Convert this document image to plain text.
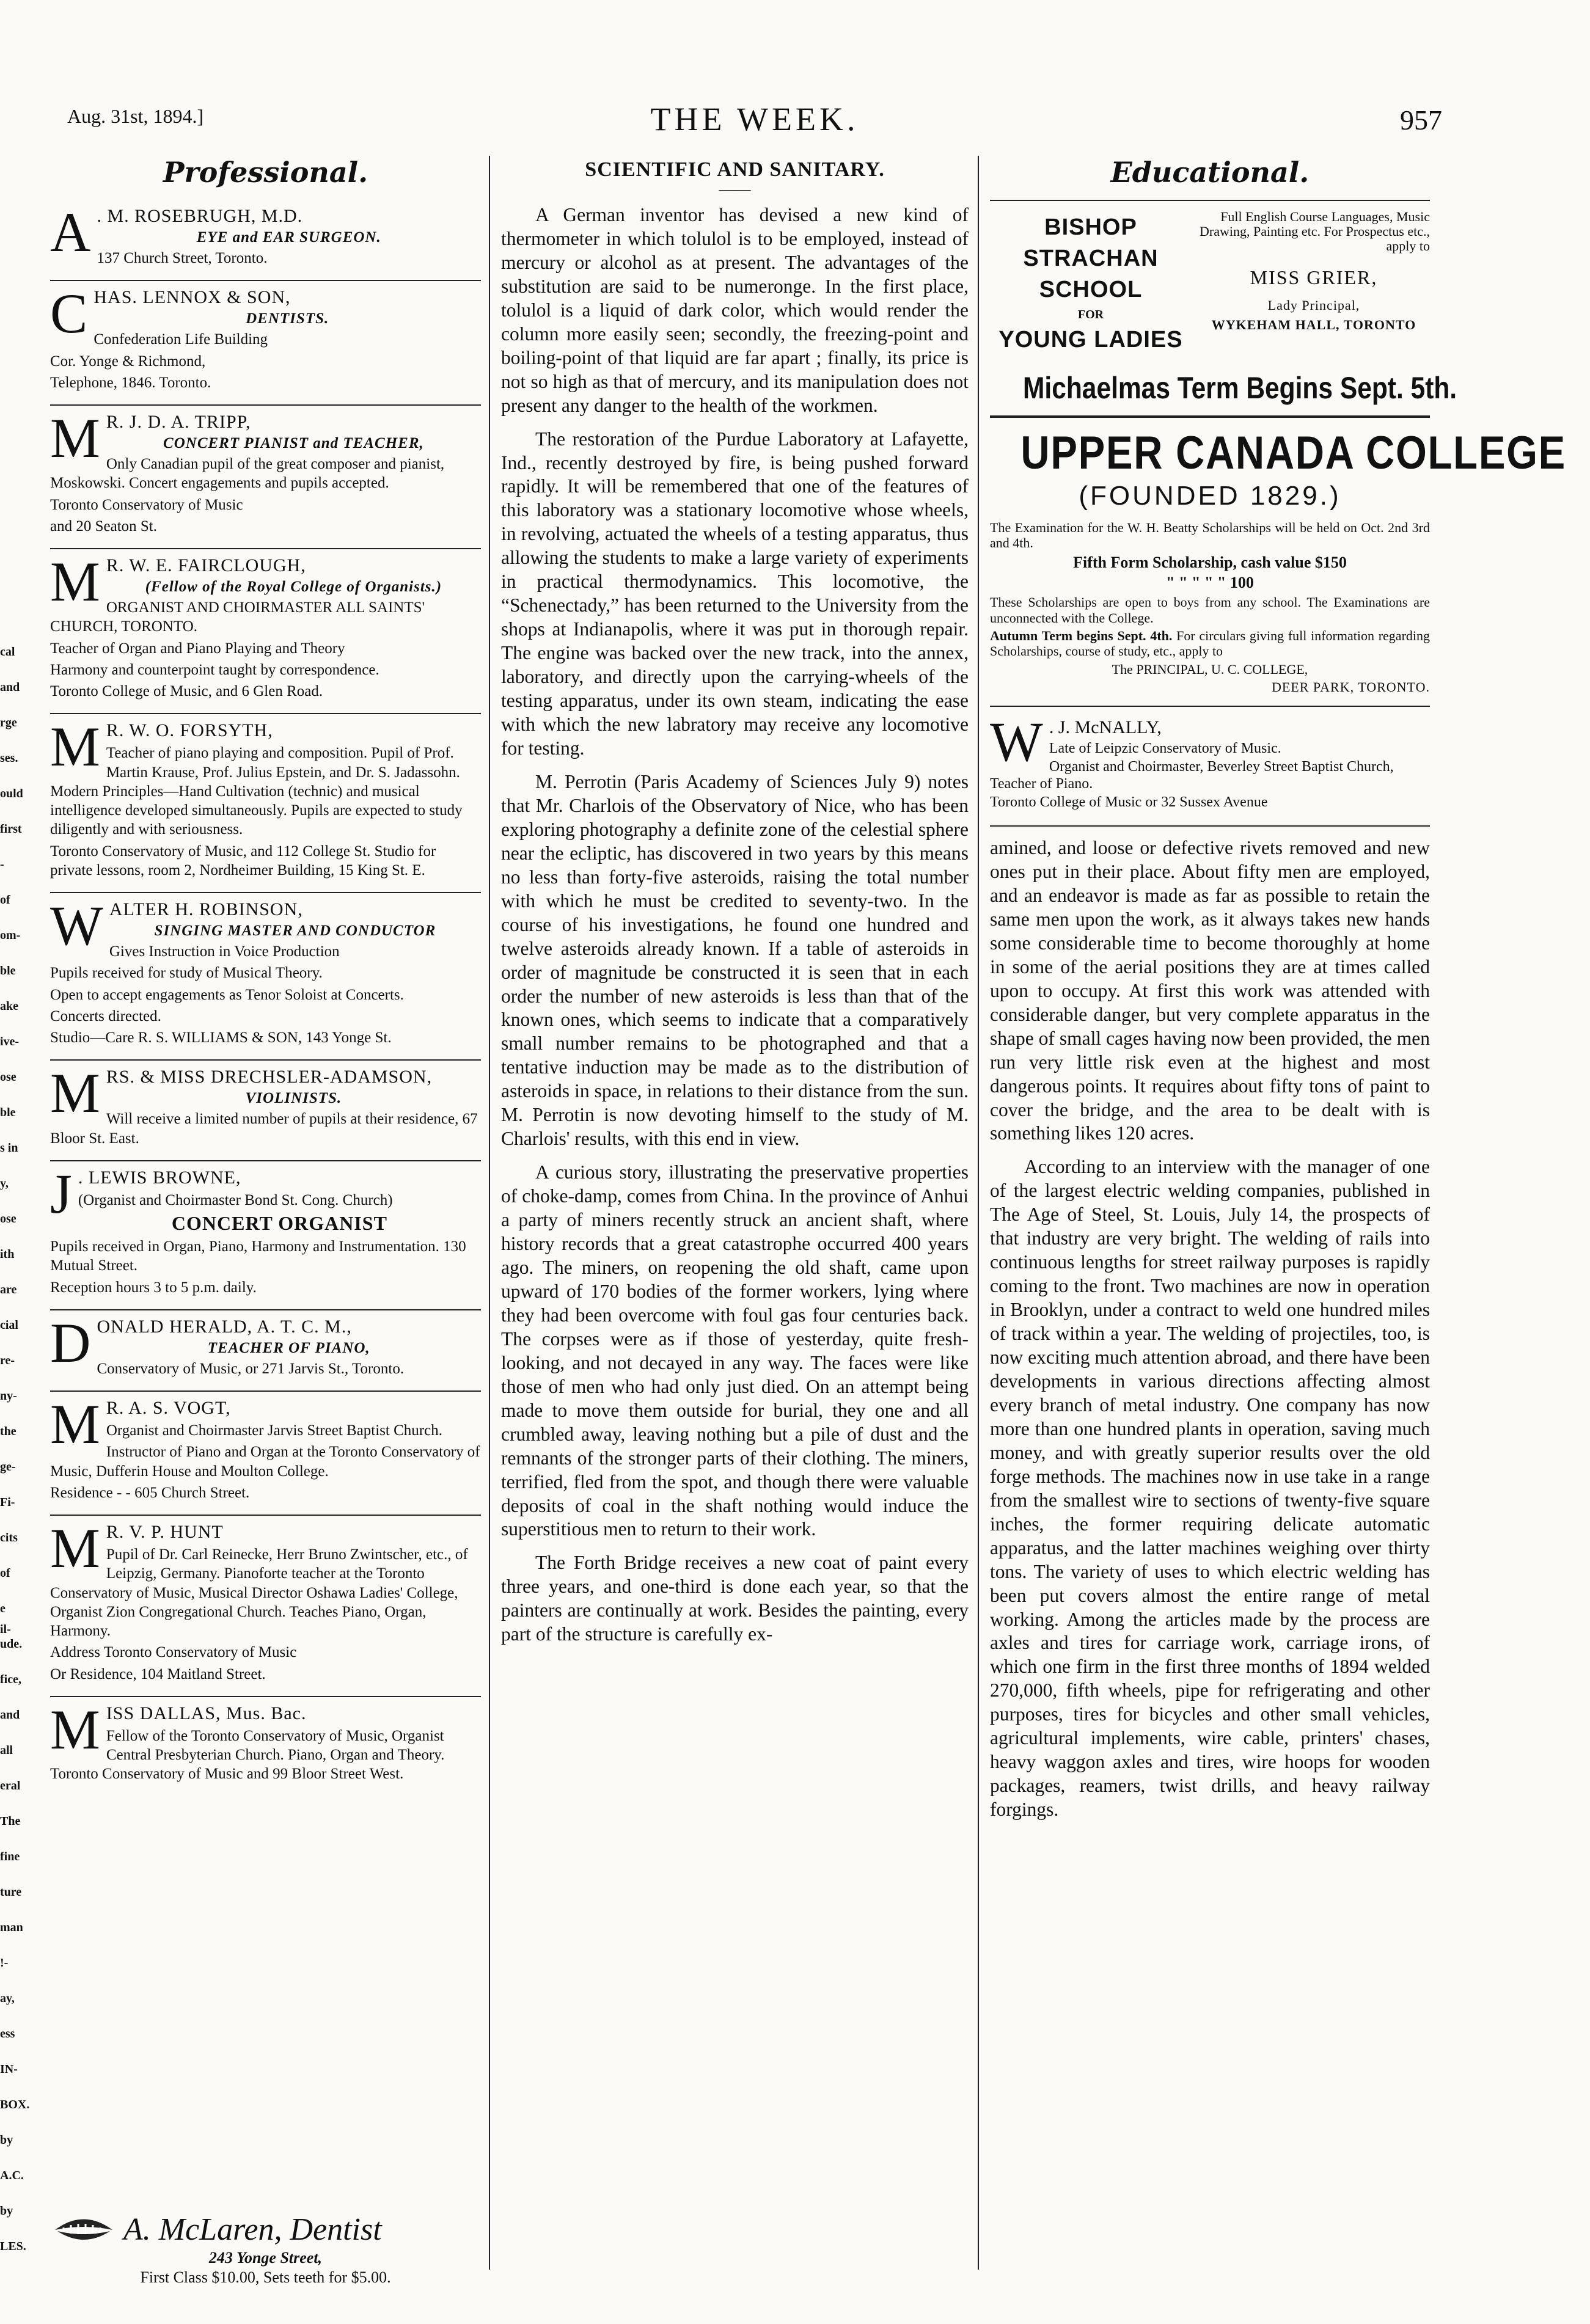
Aug. 31st, 1894.]	THE WEEK.	957
cal
and
rge
ses.
ould
first
-
of
om-
ble
ake
ive-
ose
ble
s in
y,
ose
ith
are
cial
re-
ny-
the
ge-
Fi-
cits
of
e il-
ude.
fice,
and
all
eral
The
fine
ture
man
!-
ay,
ess
IN-
BOX.
by
A.C.
by
LES.
Professional.
A . M. ROSEBRUGH, M.D.
EYE and EAR SURGEON.
137 Church Street, Toronto.
C HAS. LENNOX & SON,
DENTISTS.
Confederation Life Building
Cor. Yonge & Richmond,
Telephone, 1846. Toronto.
M R. J. D. A. TRIPP,
CONCERT PIANIST and TEACHER,
Only Canadian pupil of the great composer and pianist, Moskowski. Concert engagements and pupils accepted.
Toronto Conservatory of Music
and 20 Seaton St.
M R. W. E. FAIRCLOUGH,
(Fellow of the Royal College of Organists.)
ORGANIST AND CHOIRMASTER ALL SAINTS' CHURCH, TORONTO.
Teacher of Organ and Piano Playing and Theory
Harmony and counterpoint taught by correspondence.
Toronto College of Music, and 6 Glen Road.
M R. W. O. FORSYTH,
Teacher of piano playing and composition. Pupil of Prof. Martin Krause, Prof. Julius Epstein, and Dr. S. Jadassohn. Modern Principles—Hand Cultivation (technic) and musical intelligence developed simultaneously. Pupils are expected to study diligently and with seriousness.
Toronto Conservatory of Music, and 112 College St. Studio for private lessons, room 2, Nordheimer Building, 15 King St. E.
W ALTER H. ROBINSON,
SINGING MASTER AND CONDUCTOR
Gives Instruction in Voice Production
Pupils received for study of Musical Theory.
Open to accept engagements as Tenor Soloist at Concerts.
Concerts directed.
Studio—Care R. S. WILLIAMS & SON, 143 Yonge St.
M RS. & MISS DRECHSLER-ADAMSON,
VIOLINISTS.
Will receive a limited number of pupils at their residence, 67 Bloor St. East.
J . LEWIS BROWNE,
(Organist and Choirmaster Bond St. Cong. Church)
CONCERT ORGANIST
Pupils received in Organ, Piano, Harmony and Instrumentation. 130 Mutual Street.
Reception hours 3 to 5 p.m. daily.
D ONALD HERALD, A. T. C. M.,
TEACHER OF PIANO,
Conservatory of Music, or 271 Jarvis St., Toronto.
M R. A. S. VOGT,
Organist and Choirmaster Jarvis Street Baptist Church.
Instructor of Piano and Organ at the Toronto Conservatory of Music, Dufferin House and Moulton College.
Residence - - 605 Church Street.
M R. V. P. HUNT
Pupil of Dr. Carl Reinecke, Herr Bruno Zwintscher, etc., of Leipzig, Germany. Pianoforte teacher at the Toronto Conservatory of Music, Musical Director Oshawa Ladies' College, Organist Zion Congregational Church. Teaches Piano, Organ, Harmony.
Address Toronto Conservatory of Music
Or Residence, 104 Maitland Street.
M ISS DALLAS, Mus. Bac.
Fellow of the Toronto Conservatory of Music, Organist Central Presbyterian Church. Piano, Organ and Theory. Toronto Conservatory of Music and 99 Bloor Street West.
A. McLaren, Dentist
243 Yonge Street,
First Class $10.00, Sets teeth for $5.00.
SCIENTIFIC AND SANITARY.
——

A German inventor has devised a new kind of thermometer in which tolulol is to be employed, instead of mercury or alcohol as at present. The advantages of the substitution are said to be numeronge. In the first place, tolulol is a liquid of dark color, which would render the column more easily seen; secondly, the freezing-point and boiling-point of that liquid are far apart ; finally, its price is not so high as that of mercury, and its manipulation does not present any danger to the health of the workmen.

The restoration of the Purdue Laboratory at Lafayette, Ind., recently destroyed by fire, is being pushed forward rapidly. It will be remembered that one of the features of this laboratory was a stationary locomotive whose wheels, in revolving, actuated the wheels of a testing apparatus, thus allowing the students to make a large variety of experiments in practical thermodynamics. This locomotive, the “Schenectady,” has been returned to the University from the shops at Indianapolis, where it was put in thorough repair. The engine was backed over the new track, into the annex, laboratory, and directly upon the carrying-wheels of the testing apparatus, under its own steam, indicating the ease with which the new labratory may receive any locomotive for testing.

M. Perrotin (Paris Academy of Sciences July 9) notes that Mr. Charlois of the Observatory of Nice, who has been exploring photography a definite zone of the celestial sphere near the ecliptic, has discovered in two years by this means no less than forty-five asteroids, raising the total number with which he must be credited to seventy-two. In the course of his investigations, he found one hundred and twelve asteroids already known. If a table of asteroids in order of magnitude be constructed it is seen that in each order the number of new asteroids is less than that of the known ones, which seems to indicate that a comparatively small number remains to be photographed and that a tentative induction may be made as to the distribution of asteroids in space, in relations to their distance from the sun. M. Perrotin is now devoting himself to the study of M. Charlois' results, with this end in view.

A curious story, illustrating the preservative properties of choke-damp, comes from China. In the province of Anhui a party of miners recently struck an ancient shaft, where history records that a great catastrophe occurred 400 years ago. The miners, on reopening the old shaft, came upon upward of 170 bodies of the former workers, lying where they had been overcome with foul gas four centuries back. The corpses were as if those of yesterday, quite fresh-looking, and not decayed in any way. The faces were like those of men who had only just died. On an attempt being made to move them outside for burial, they one and all crumbled away, leaving nothing but a pile of dust and the remnants of the stronger parts of their clothing. The miners, terrified, fled from the spot, and though there were valuable deposits of coal in the shaft nothing would induce the superstitious men to return to their work.

The Forth Bridge receives a new coat of paint every three years, and one-third is done each year, so that the painters are continually at work. Besides the painting, every part of the structure is carefully ex-

Educational.
BISHOP
STRACHAN
SCHOOL
FOR
YOUNG LADIES
Full English Course Languages, Music Drawing, Painting etc. For Prospectus etc., apply to
MISS GRIER,
Lady Principal,
WYKEHAM HALL, TORONTO
Michaelmas Term Begins Sept. 5th.
UPPER CANADA COLLEGE
(FOUNDED 1829.)
The Examination for the W. H. Beatty Scholarships will be held on Oct. 2nd 3rd and 4th.
Fifth Form Scholarship, cash value $150
" " " " " 100
These Scholarships are open to boys from any school. The Examinations are unconnected with the College.
Autumn Term begins Sept. 4th. For circulars giving full information regarding Scholarships, course of study, etc., apply to
The PRINCIPAL, U. C. COLLEGE,
DEER PARK, TORONTO.
W . J. McNALLY,
Late of Leipzic Conservatory of Music.
Organist and Choirmaster, Beverley Street Baptist Church, Teacher of Piano.
Toronto College of Music or 32 Sussex Avenue

amined, and loose or defective rivets removed and new ones put in their place. About fifty men are employed, and an endeavor is made as far as possible to retain the same men upon the work, as it always takes new hands some considerable time to become thoroughly at home in some of the aerial positions they are at times called upon to occupy. At first this work was attended with considerable danger, but very complete apparatus in the shape of small cages having now been provided, the men run very little risk even at the highest and most dangerous points. It requires about fifty tons of paint to cover the bridge, and the area to be dealt with is something likes 120 acres.

According to an interview with the manager of one of the largest electric welding companies, published in The Age of Steel, St. Louis, July 14, the prospects of that industry are very bright. The welding of rails into continuous lengths for street railway purposes is rapidly coming to the front. Two machines are now in operation in Brooklyn, under a contract to weld one hundred miles of track within a year. The welding of projectiles, too, is now exciting much attention abroad, and there have been developments in various directions affecting almost every branch of metal industry. One company has now more than one hundred plants in operation, saving much money, and with greatly superior results over the old forge methods. The machines now in use take in a range from the smallest wire to sections of twenty-five square inches, the former requiring delicate automatic apparatus, and the latter machines weighing over thirty tons. The variety of uses to which electric welding has been put covers almost the entire range of metal working. Among the articles made by the process are axles and tires for carriage work, carriage irons, of which one firm in the first three months of 1894 welded 270,000, fifth wheels, pipe for refrigerating and other purposes, tires for bicycles and other small vehicles, agricultural implements, wire cable, printers' chases, heavy waggon axles and tires, wire hoops for wooden packages, reamers, twist drills, and heavy railway forgings.
